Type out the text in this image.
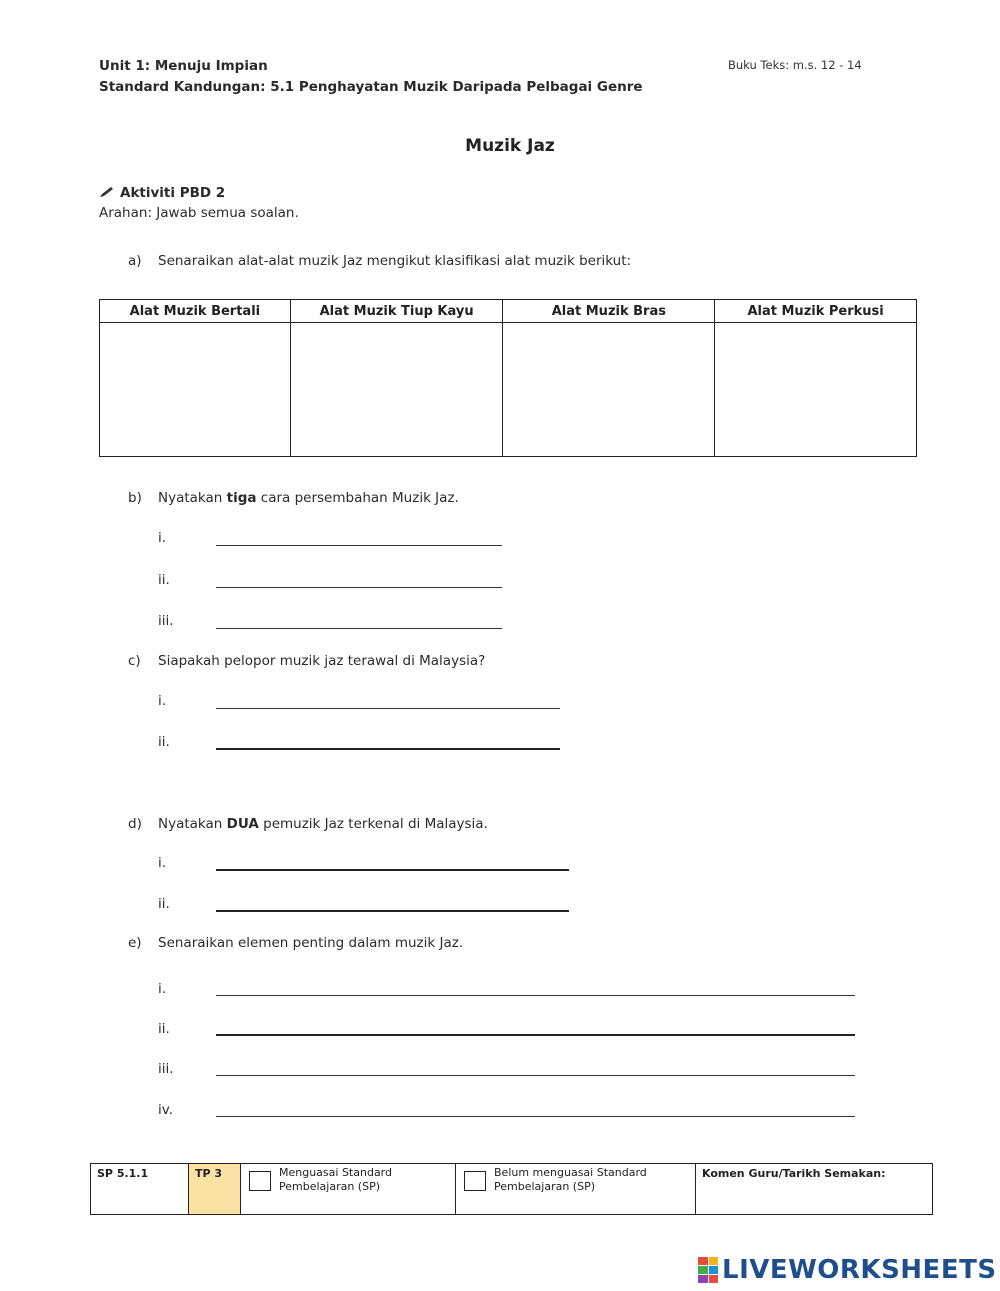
Unit 1: Menuju Impian
Standard Kandungan: 5.1 Penghayatan Muzik Daripada Pelbagai Genre
Buku Teks: m.s. 12 - 14
Muzik Jaz
Aktiviti PBD 2
Arahan: Jawab semua soalan.
a) Senaraikan alat-alat muzik Jaz mengikut klasifikasi alat muzik berikut:
Alat Muzik Bertali	Alat Muzik Tiup Kayu	Alat Muzik Bras	Alat Muzik Perkusi

b) Nyatakan tiga cara persembahan Muzik Jaz.
i.
ii.
iii.
c) Siapakah pelopor muzik jaz terawal di Malaysia?
i.
ii.
d) Nyatakan DUA pemuzik Jaz terkenal di Malaysia.
i.
ii.
e) Senaraikan elemen penting dalam muzik Jaz.
i.
ii.
iii.
iv.
SP 5.1.1	TP 3	Menguasai Standard Pembelajaran (SP)	Belum menguasai Standard Pembelajaran (SP)	Komen Guru/Tarikh Semakan:
LIVEWORKSHEETS
